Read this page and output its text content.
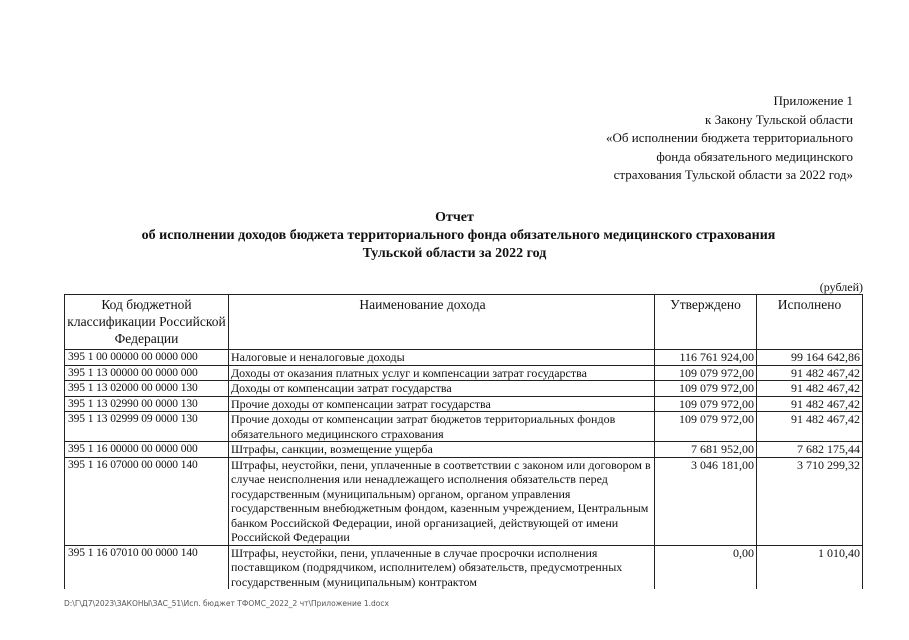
Приложение 1
к Закону Тульской области
«Об исполнении бюджета территориального
фонда обязательного медицинского
страхования Тульской области за 2022 год»
Отчет
об исполнении доходов бюджета территориального фонда обязательного медицинского страхования
Тульской области за 2022 год
(рублей)
Код бюджетной классификации Российской Федерации	Наименование дохода	Утверждено	Исполнено
395 1 00 00000 00 0000 000	Налоговые и неналоговые доходы	116 761 924,00	99 164 642,86
395 1 13 00000 00 0000 000	Доходы от оказания платных услуг и компенсации затрат государства	109 079 972,00	91 482 467,42
395 1 13 02000 00 0000 130	Доходы от компенсации затрат государства	109 079 972,00	91 482 467,42
395 1 13 02990 00 0000 130	Прочие доходы от компенсации затрат государства	109 079 972,00	91 482 467,42
395 1 13 02999 09 0000 130	Прочие доходы от компенсации затрат бюджетов территориальных фондов обязательного медицинского страхования	109 079 972,00	91 482 467,42
395 1 16 00000 00 0000 000	Штрафы, санкции, возмещение ущерба	7 681 952,00	7 682 175,44
395 1 16 07000 00 0000 140	Штрафы, неустойки, пени, уплаченные в соответствии с законом или договором в случае неисполнения или ненадлежащего исполнения обязательств перед государственным (муниципальным) органом, органом управления государственным внебюджетным фондом, казенным учреждением, Центральным банком Российской Федерации, иной организацией, действующей от имени Российской Федерации	3 046 181,00	3 710 299,32
395 1 16 07010 00 0000 140	Штрафы, неустойки, пени, уплаченные в случае просрочки исполнения поставщиком (подрядчиком, исполнителем) обязательств, предусмотренных государственным (муниципальным) контрактом	0,00	1 010,40
D:\Г\Д7\2023\ЗАКОНЫ\ЗАС_51\Исп. бюджет ТФОМС_2022_2 чт\Приложение 1.docx
